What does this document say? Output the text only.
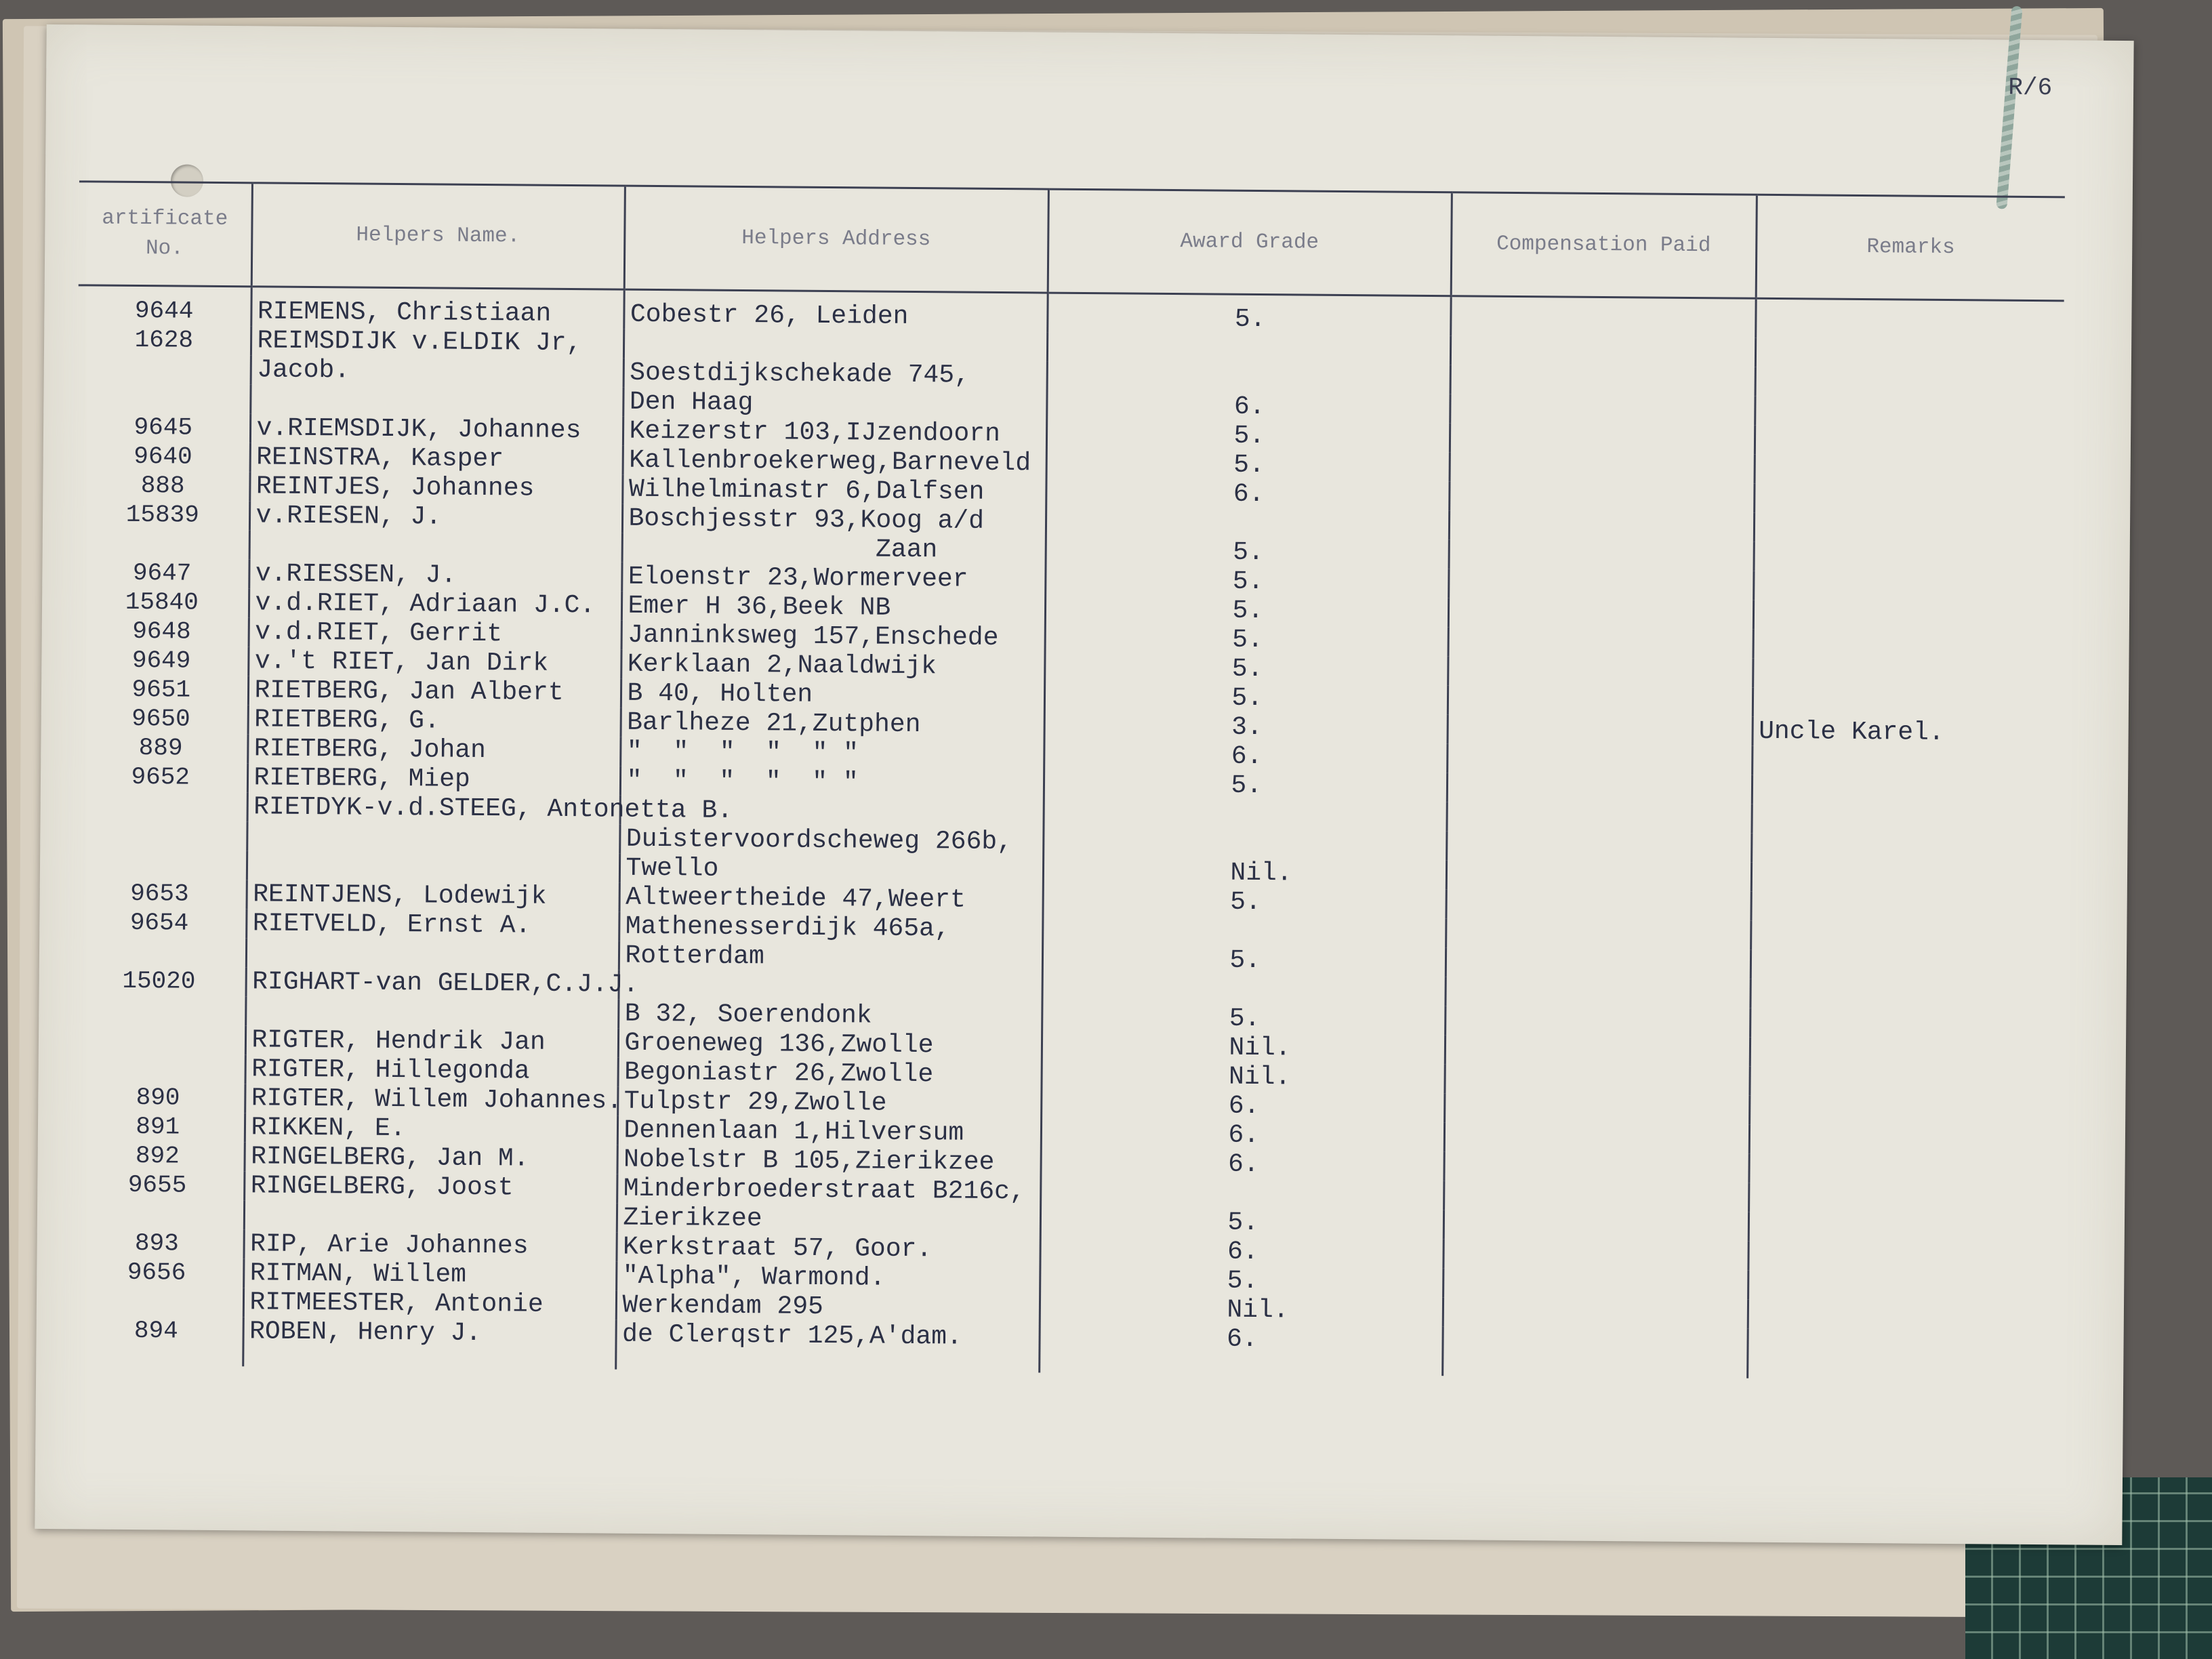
R/6
artificate No.	Helpers Name.	Helpers Address	Award Grade	Compensation Paid	Remarks
9644	RIEMENS, Christiaan	Cobestr 26, Leiden	5.		
1628	REIMSDIJK v.ELDIK Jr,				
	Jacob.	Soestdijkschekade 745,			
		Den Haag	6.		
9645	v.RIEMSDIJK, Johannes	Keizerstr 103,IJzendoorn	5.		
9640	REINSTRA, Kasper	Kallenbroekerweg,Barneveld	5.		
888	REINTJES, Johannes	Wilhelminastr 6,Dalfsen	6.		
15839	v.RIESEN, J.	Boschjesstr 93,Koog a/d			
		Zaan	5.		
9647	v.RIESSEN, J.	Eloenstr 23,Wormerveer	5.		
15840	v.d.RIET, Adriaan J.C.	Emer H 36,Beek NB	5.		
9648	v.d.RIET, Gerrit	Janninksweg 157,Enschede	5.		
9649	v.'t RIET, Jan Dirk	Kerklaan 2,Naaldwijk	5.		
9651	RIETBERG, Jan Albert	B 40, Holten	5.		
9650	RIETBERG, G.	Barlheze 21,Zutphen	3.		Uncle Karel.
889	RIETBERG, Johan	"  "  "  "  " "	6.		
9652	RIETBERG, Miep	"  "  "  "  " "	5.		
	RIETDYK-v.d.STEEG, Antonetta B.				
		Duistervoordscheweg 266b,			
		Twello	Nil.		
9653	REINTJENS, Lodewijk	Altweertheide 47,Weert	5.		
9654	RIETVELD, Ernst A.	Mathenesserdijk 465a,			
		Rotterdam	5.		
15020	RIGHART-van GELDER,C.J.J.				
		B 32, Soerendonk	5.		
	RIGTER, Hendrik Jan	Groeneweg 136,Zwolle	Nil.		
	RIGTER, Hillegonda	Begoniastr 26,Zwolle	Nil.		
890	RIGTER, Willem Johannes.	Tulpstr 29,Zwolle	6.		
891	RIKKEN, E.	Dennenlaan 1,Hilversum	6.		
892	RINGELBERG, Jan M.	Nobelstr B 105,Zierikzee	6.		
9655	RINGELBERG, Joost	Minderbroederstraat B216c,			
		Zierikzee	5.		
893	RIP, Arie Johannes	Kerkstraat 57, Goor.	6.		
9656	RITMAN, Willem	"Alpha", Warmond.	5.		
	RITMEESTER, Antonie	Werkendam 295	Nil.		
894	ROBEN, Henry J.	de Clerqstr 125,A'dam.	6.		
